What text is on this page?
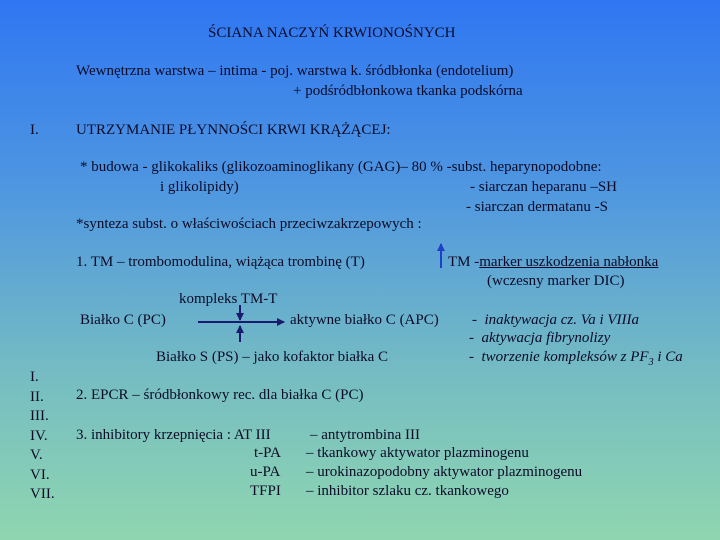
ŚCIANA NACZYŃ KRWIONOŚNYCH
Wewnętrzna warstwa – intima - poj. warstwa k. śródbłonka (endotelium)
+ podśródbłonkowa tkanka podskórna
I. UTRZYMANIE PŁYNNOŚCI KRWI KRĄŻĄCEJ:
* budowa - glikokaliks (glikozoaminoglikany (GAG)– 80 % -subst. heparynopodobne:
i glikolipidy)	- siarczan heparanu –SH
- siarczan dermatanu -S
*synteza subst. o właściwościach przeciwzakrzepowych :
1. TM – trombomodulina, wiążąca trombinę (T)	TM -marker uszkodzenia nabłonka
(wczesny marker DIC)
kompleks TM-T
Białko C (PC)	aktywne białko C (APC)
Białko S (PS) – jako kofaktor białka C
- inaktywacja cz. Va i VIIIa
- aktywacja fibrynolizy
- tworzenie kompleksów z $PF_3$ i Ca
I.
II.
III.
IV.
V.
VI.
VII.
2. EPCR – śródbłonkowy rec. dla białka C (PC)
3. inhibitory krzepnięcia : AT III	– antytrombina III
t-PA – tkankowy aktywator plazminogenu
u-PA – urokinazopodobny aktywator plazminogenu
TFPI – inhibitor szlaku cz. tkankowego
